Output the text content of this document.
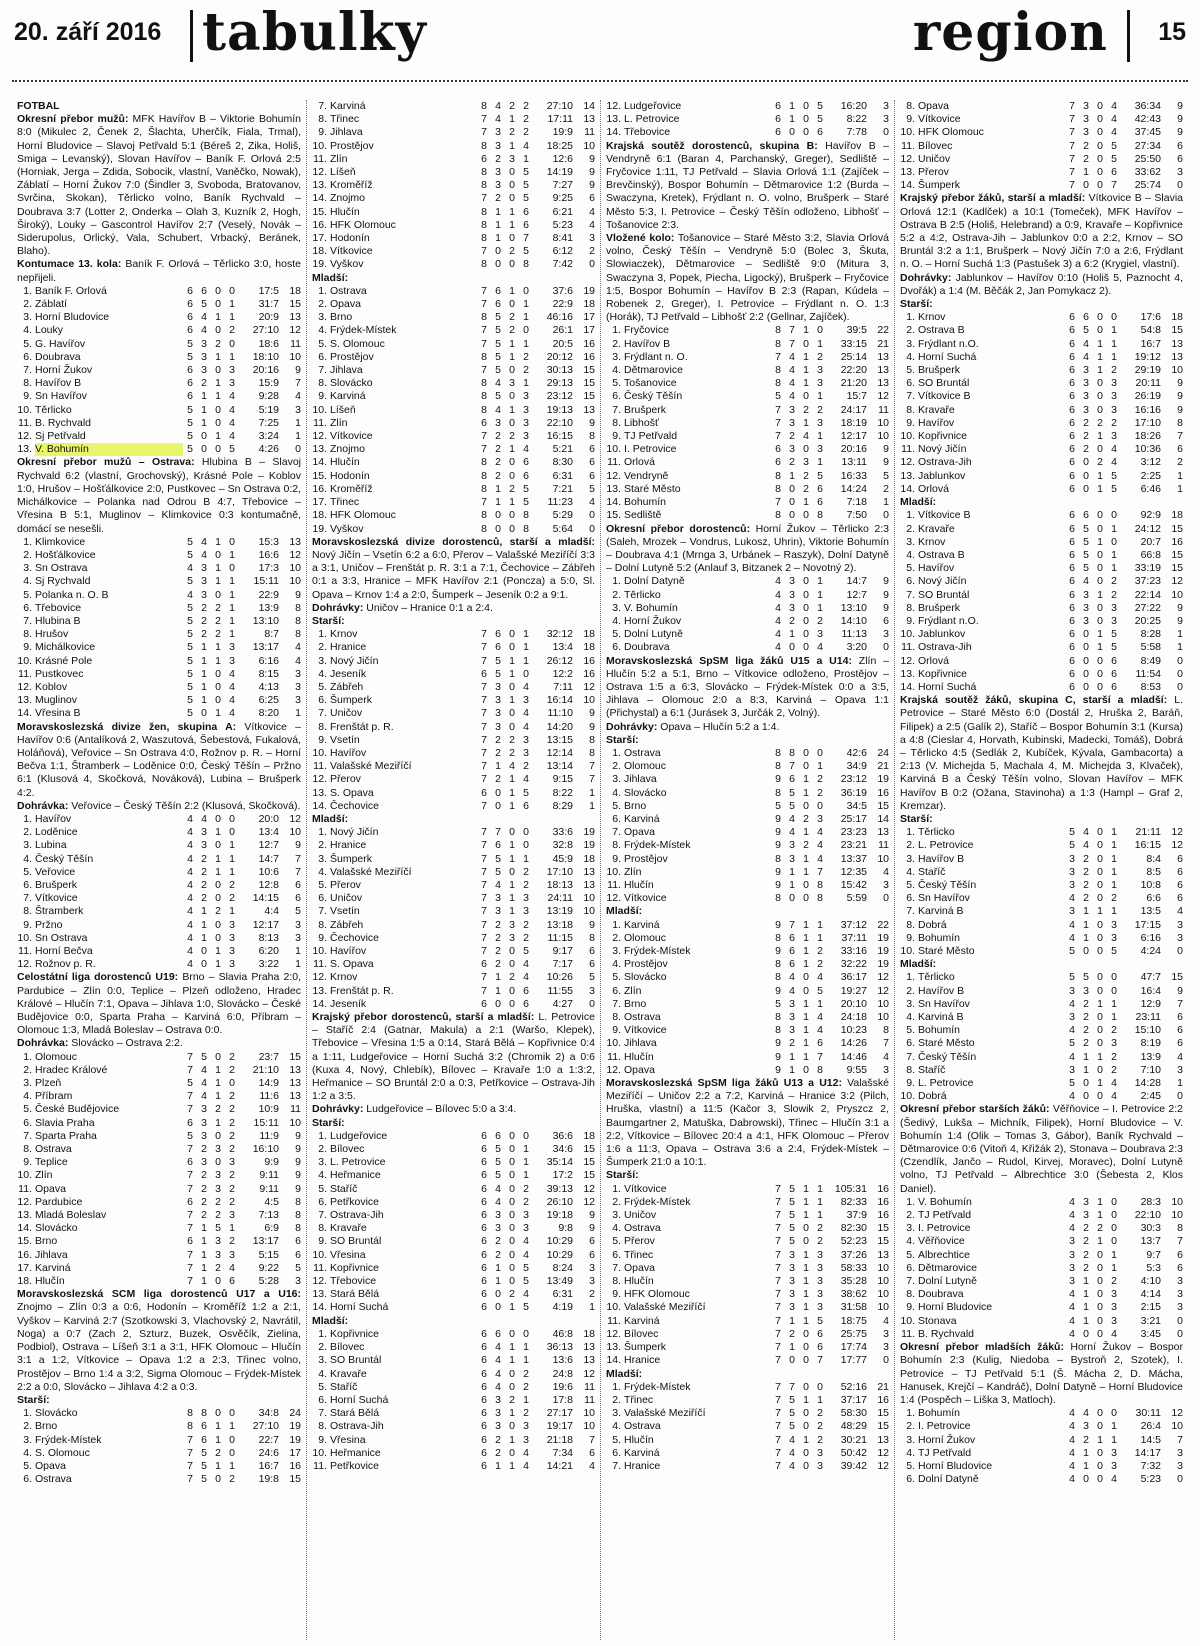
20. září 2016 tabulky	region 15
FOTBAL

Okresní přebor mužů: MFK Havířov B – Viktorie Bohumín 8:0 (Mikulec 2, Čenek 2, Šlachta, Uherčík, Fiala, Trmal), Horní Bludovice – Slavoj Petřvald 5:1 (Béreš 2, Zika, Holiš, Smiga – Levanský), Slovan Havířov – Baník F. Orlová 2:5 (Horniak, Jerga – Zdida, Sobocik, vlastní, Vaněčko, Nowak), Záblatí – Horní Žukov 7:0 (Šindler 3, Svoboda, Bratovanov, Svrčina, Skokan), Těrlicko volno, Baník Rychvald – Doubrava 3:7 (Lotter 2, Onderka – Olah 3, Kuzník 2, Hogh, Široký), Louky – Gascontrol Havířov 2:7 (Veselý, Novák – Siderupolus, Orlický, Vala, Schubert, Vrbacký, Beránek, Blaho).

Kontumace 13. kola: Baník F. Orlová – Těrlicko 3:0, hoste nepřijeli.

1. Baník F. Orlová	6 6 0 0	17:5 18
2. Záblatí	6 5 0 1	31:7 15
3. Horní Bludovice	6 4 1 1	20:9 13
4. Louky	6 4 0 2	27:10 12
5. G. Havířov	5 3 2 0	18:6	11
6. Doubrava	5 3 1 1	18:10 10
7. Horní Žukov	6 3 0 3	20:16	9
8. Havířov B	6 2 1 3	15:9	7
9. Sn Havířov	6 1 1 4	9:28	4
10. Těrlicko	5 1 0 4	5:19	3
11. B. Rychvald	5 1 0 4	7:25	1
12. Sj Petřvald	5 0 1 4	3:24	1
13. V. Bohumín	5 0 0 5	4:26	0

Okresní přebor mužů – Ostrava: Hlubina B – Slavoj Rychvald 6:2 (vlastní, Grochovský), Krásné Pole – Koblov 1:0, Hrušov – Hošťálkovice 2:0, Pustkovec – Sn Ostrava 0:2, Michálkovice – Polanka nad Odrou B 4:7, Třebovice – Vřesina B 5:1, Muglinov – Klimkovice 0:3 kontumačně, domácí se nesešli.

1. Klimkovice	5 4 1 0	15:3 13
2. Hošťálkovice	5 4 0 1	16:6 12
3. Sn Ostrava	4 3 1 0	17:3 10
4. Sj Rychvald	5 3 1 1	15:11 10
5. Polanka n. O. B	4 3 0 1	22:9	9
6. Třebovice	5 2 2 1	13:9	8
7. Hlubina B	5 2 2 1	13:10	8
8. Hrušov	5 2 2 1	8:7	8
9. Michálkovice	5 1 1 3	13:17	4
10. Krásné Pole	5 1 1 3	6:16	4
11. Pustkovec	5 1 0 4	8:15	3
12. Koblov	5 1 0 4	4:13	3
13. Muglinov	5 1 0 4	6:25	3
14. Vřesina B	5 0 1 4	8:20	1

Moravskoslezská divize žen, skupina A: Vítkovice – Havířov 0:6 (Antalíková 2, Waszutová, Šebestová, Fukalová, Holáňová), Veřovice – Sn Ostrava 4:0, Rožnov p. R. – Horní Bečva 1:1, Štramberk – Loděnice 0:0, Český Těšín – Pržno 6:1 (Klusová 4, Skočková, Nováková), Lubina – Brušperk 4:2.

Dohrávka: Veřovice – Český Těšín 2:2 (Klusová, Skočková).

1. Havířov	4 4 0 0	20:0 12
2. Loděnice	4 3 1 0	13:4 10
3. Lubina	4 3 0 1	12:7	9
4. Český Těšín	4 2 1 1	14:7	7
5. Veřovice	4 2 1 1	10:6	7
6. Brušperk	4 2 0 2	12:8	6
7. Vítkovice	4 2 0 2	14:15	6
8. Štramberk	4 1 2 1	4:4	5
9. Pržno	4 1 0 3	12:17	3
10. Sn Ostrava	4 1 0 3	8:13	3
11. Horní Bečva	4 0 1 3	6:20	1
12. Rožnov p. R.	4 0 1 3	3:22	1

Celostátní liga dorostenců U19: Brno – Slavia Praha 2:0, Pardubice – Zlín 0:0, Teplice – Plzeň odloženo, Hradec Králové – Hlučín 7:1, Opava – Jihlava 1:0, Slovácko – České Budějovice 0:0, Sparta Praha – Karviná 6:0, Příbram – Olomouc 1:3, Mladá Boleslav – Ostrava 0:0.

Dohrávka: Slovácko – Ostrava 2:2.

1. Olomouc	7 5 0 2	23:7 15
2. Hradec Králové	7 4 1 2	21:10 13
3. Plzeň	5 4 1 0	14:9 13
4. Příbram	7 4 1 2	11:6 13
5. České Budějovice	7 3 2 2	10:9	11
6. Slavia Praha	6 3 1 2	15:11 10
7. Sparta Praha	5 3 0 2	11:9	9
8. Ostrava	7 2 3 2	16:10	9
9. Teplice	6 3 0 3	9:9	9
10. Zlín	7 2 3 2	9:11	9
11. Opava	7 2 3 2	9:11	9
12. Pardubice	6 2 2 2	4:5	8
13. Mladá Boleslav	7 2 2 3	7:13	8
14. Slovácko	7 1 5 1	6:9	8
15. Brno	6 1 3 2	13:17	6
16. Jihlava	7 1 3 3	5:15	6
17. Karviná	7 1 2 4	9:22	5
18. Hlučín	7 1 0 6	5:28	3

Moravskoslezská SCM liga dorostenců U17 a U16: Znojmo – Zlín 0:3 a 0:6, Hodonín – Kroměříž 1:2 a 2:1, Vyškov – Karviná 2:7 (Szotkowski 3, Vlachovský 2, Navrátil, Noga) a 0:7 (Zach 2, Szturz, Buzek, Osvěčík, Zielina, Podbiol), Ostrava – Líšeň 3:1 a 3:1, HFK Olomouc – Hlučín 3:1 a 1:2, Vítkovice – Opava 1:2 a 2:3, Třinec volno, Prostějov – Brno 1:4 a 3:2, Sigma Olomouc – Frýdek-Místek 2:2 a 0:0, Slovácko – Jihlava 4:2 a 0:3.

Starší:
1. Slovácko	8 8 0 0	34:8 24
2. Brno	8 6 1 1	27:10 19
3. Frýdek-Místek	7 6 1 0	22:7 19
4. S. Olomouc	7 5 2 0	24:6 17
5. Opava	7 5 1 1	16:7 16
6. Ostrava	7 5 0 2	19:8 15
7. Karviná	8 4 2 2	27:10 14
8. Třinec	7 4 1 2	17:11 13
9. Jihlava	7 3 2 2	19:9	11
10. Prostějov	8 3 1 4	18:25 10
11. Zlín	6 2 3 1	12:6	9
12. Líšeň	8 3 0 5	14:19	9
13. Kroměříž	8 3 0 5	7:27	9
14. Znojmo	7 2 0 5	9:25	6
15. Hlučín	8 1 1 6	6:21	4
16. HFK Olomouc	8 1 1 6	5:23	4
17. Hodonín	8 1 0 7	8:41	3
18. Vítkovice	7 0 2 5	6:12	2
19. Vyškov	8 0 0 8	7:42	0
Mladší:
1. Ostrava	7 6 1 0	37:6 19
2. Opava	7 6 0 1	22:9 18
3. Brno	8 5 2 1	46:16 17
4. Frýdek-Místek	7 5 2 0	26:1 17
5. S. Olomouc	7 5 1 1	20:5 16
6. Prostějov	8 5 1 2	20:12 16
7. Jihlava	7 5 0 2	30:13 15
8. Slovácko	8 4 3 1	29:13 15
9. Karviná	8 5 0 3	23:12 15
10. Líšeň	8 4 1 3	19:13 13
11. Zlín	6 3 0 3	22:10	9
12. Vítkovice	7 2 2 3	16:15	8
13. Znojmo	7 2 1 4	5:21	6
14. Hlučín	8 2 0 6	8:30	6
15. Hodonín	8 2 0 6	6:31	6
16. Kroměříž	8 1 2 5	7:21	5
17. Třinec	7 1 1 5	11:23	4
18. HFK Olomouc	8 0 0 8	5:29	0
19. Vyškov	8 0 0 8	5:64	0

Moravskoslezská divize dorostenců, starší a mladší: Nový Jičín – Vsetín 6:2 a 6:0, Přerov – Valašské Meziříčí 3:3 a 3:1, Uničov – Frenštát p. R. 3:1 a 7:1, Čechovice – Zábřeh 0:1 a 3:3, Hranice – MFK Havířov 2:1 (Poncza) a 5:0, Sl. Opava – Krnov 1:4 a 2:0, Šumperk – Jeseník 0:2 a 9:1.

Dohrávky: Uničov – Hranice 0:1 a 2:4.

Starší:
1. Krnov	7 6 0 1	32:12 18
2. Hranice	7 6 0 1	13:4 18
3. Nový Jičín	7 5 1 1	26:12 16
4. Jeseník	6 5 1 0	12:2 16
5. Zábřeh	7 3 0 4	7:11 12
6. Šumperk	7 3 1 3	16:14 10
7. Uničov	7 3 0 4	11:10	9
8. Frenštát p. R.	7 3 0 4	14:20	9
9. Vsetín	7 2 2 3	13:15	8
10. Havířov	7 2 2 3	12:14	8
11. Valašské Meziříčí	7 1 4 2	13:14	7
12. Přerov	7 2 1 4	9:15	7
13. S. Opava	6 0 1 5	8:22	1
14. Čechovice	7 0 1 6	8:29	1
Mladší:
1. Nový Jičín	7 7 0 0	33:6 19
2. Hranice	7 6 1 0	32:8 19
3. Šumperk	7 5 1 1	45:9 18
4. Valašské Meziříčí	7 5 0 2	17:10 13
5. Přerov	7 4 1 2	18:13 13
6. Uničov	7 3 1 3	24:11 10
7. Vsetín	7 3 1 3	13:19 10
8. Zábřeh	7 2 3 2	13:18	9
9. Čechovice	7 2 3 2	11:15	8
10. Havířov	7 2 0 5	9:17	6
11. S. Opava	6 2 0 4	7:17	6
12. Krnov	7 1 2 4	10:26	5
13. Frenštát p. R.	7 1 0 6	11:55	3
14. Jeseník	6 0 0 6	4:27	0

Krajský přebor dorostenců, starší a mladší: L. Petrovice – Staříč 2:4 (Gatnar, Makula) a 2:1 (Waršo, Klepek), Třebovice – Vřesina 1:5 a 0:14, Stará Bělá – Kopřivnice 0:4 a 1:11, Ludgeřovice – Horní Suchá 3:2 (Chromik 2) a 0:6 (Kuxa 4, Nový, Chlebík), Bílovec – Kravaře 1:0 a 1:3:2, Heřmanice – SO Bruntál 2:0 a 0:3, Petřkovice – Ostrava-Jih 1:2 a 3:5.

Dohrávky: Ludgeřovice – Bílovec 5:0 a 3:4.

Starší:
1. Ludgeřovice	6 6 0 0	36:6 18
2. Bílovec	6 5 0 1	34:6 15
3. L. Petrovice	6 5 0 1	35:14 15
4. Heřmanice	6 5 0 1	17:2 15
5. Staříč	6 4 0 2	39:13 12
6. Petřkovice	6 4 0 2	26:10 12
7. Ostrava-Jih	6 3 0 3	19:18	9
8. Kravaře	6 3 0 3	9:8	9
9. SO Bruntál	6 2 0 4	10:29	6
10. Vřesina	6 2 0 4	10:29	6
11. Kopřivnice	6 1 0 5	8:24	3
12. Třebovice	6 1 0 5	13:49	3
13. Stará Bělá	6 0 2 4	6:31	2
14. Horní Suchá	6 0 1 5	4:19	1
Mladší:
1. Kopřivnice	6 6 0 0	46:8 18
2. Bílovec	6 4 1 1	36:13 13
3. SO Bruntál	6 4 1 1	13:6 13
4. Kravaře	6 4 0 2	24:8 12
5. Staříč	6 4 0 2	19:6	11
6. Horní Suchá	6 3 2 1	17:8	11
7. Stará Bělá	6 3 1 2	27:17 10
8. Ostrava-Jih	6 3 0 3	19:17 10
9. Vřesina	6 2 1 3	21:18	7
10. Heřmanice	6 2 0 4	7:34	6
11. Petřkovice	6 1 1 4	14:21	4
12. Ludgeřovice	6 1 0 5	16:20	3
13. L. Petrovice	6 1 0 5	8:22	3
14. Třebovice	6 0 0 6	7:78	0

Krajská soutěž dorostenců, skupina B: Havířov B – Vendryně 6:1 (Baran 4, Parchanský, Greger), Sedliště – Fryčovice 1:11, TJ Petřvald – Slavia Orlová 1:1 (Zajíček – Brevčinský), Bospor Bohumín – Dětmarovice 1:2 (Burda – Swaczyna, Kretek), Frýdlant n. O. volno, Brušperk – Staré Město 5:3, I. Petrovice – Český Těšín odloženo, Libhošť – Tošanovice 2:3.

Vložené kolo: Tošanovice – Staré Město 3:2, Slavia Orlová volno, Český Těšín – Vendryně 5:0 (Bolec 3, Škuta, Slowiaczek), Dětmarovice – Sedliště 9:0 (Mitura 3, Swaczyna 3, Popek, Piecha, Ligocký), Brušperk – Fryčovice 1:5, Bospor Bohumín – Havířov B 2:3 (Rapan, Kúdela – Robenek 2, Greger), I. Petrovice – Frýdlant n. O. 1:3 (Horák), TJ Petřvald – Libhošť 2:2 (Gellnar, Zajíček).

1. Fryčovice	8 7 1 0	39:5 22
2. Havířov B	8 7 0 1	33:15 21
3. Frýdlant n. O.	7 4 1 2	25:14 13
4. Dětmarovice	8 4 1 3	22:20 13
5. Tošanovice	8 4 1 3	21:20 13
6. Český Těšín	5 4 0 1	15:7 12
7. Brušperk	7 3 2 2	24:17	11
8. Libhošť	7 3 1 3	18:19 10
9. TJ Petřvald	7 2 4 1	12:17 10
10. I. Petrovice	6 3 0 3	20:16	9
11. Orlová	6 2 3 1	13:11	9
12. Vendryně	8 1 2 5	16:33	5
13. Staré Město	8 0 2 6	14:24	2
14. Bohumín	7 0 1 6	7:18	1
15. Sedliště	8 0 0 8	7:50	0

Okresní přebor dorostenců: Horní Žukov – Těrlicko 2:3 (Saleh, Mrozek – Vondrus, Lukosz, Uhrin), Viktorie Bohumín – Doubrava 4:1 (Mrnga 3, Urbánek – Raszyk), Dolní Datyně – Dolní Lutyně 5:2 (Anlauf 3, Bitzanek 2 – Novotný 2).

1. Dolní Datyně	4 3 0 1	14:7	9
2. Těrlicko	4 3 0 1	12:7	9
3. V. Bohumín	4 3 0 1	13:10	9
4. Horní Žukov	4 2 0 2	14:10	6
5. Dolní Lutyně	4 1 0 3	11:13	3
6. Doubrava	4 0 0 4	3:20	0

Moravskoslezská SpSM liga žáků U15 a U14: Zlín – Hlučín 5:2 a 5:1, Brno – Vítkovice odloženo, Prostějov – Ostrava 1:5 a 6:3, Slovácko – Frýdek-Místek 0:0 a 3:5, Jihlava – Olomouc 2:0 a 8:3, Karviná – Opava 1:1 (Přichystal) a 6:1 (Jurásek 3, Jurčák 2, Volný).

Dohrávky: Opava – Hlučín 5:2 a 1:4.

Starší:
1. Ostrava	8 8 0 0	42:6 24
2. Olomouc	8 7 0 1	34:9 21
3. Jihlava	9 6 1 2	23:12 19
4. Slovácko	8 5 1 2	36:19 16
5. Brno	5 5 0 0	34:5 15
6. Karviná	9 4 2 3	25:17 14
7. Opava	9 4 1 4	23:23 13
8. Frýdek-Místek	9 3 2 4	23:21	11
9. Prostějov	8 3 1 4	13:37 10
10. Zlín	9 1 1 7	12:35	4
11. Hlučín	9 1 0 8	15:42	3
12. Vítkovice	8 0 0 8	5:59	0
Mladší:
1. Karviná	9 7 1 1	37:12 22
2. Olomouc	8 6 1 1	37:11 19
3. Frýdek-Místek	9 6 1 2	33:16 19
4. Prostějov	8 6 1 2	32:22 19
5. Slovácko	8 4 0 4	36:17 12
6. Zlín	9 4 0 5	19:27 12
7. Brno	5 3 1 1	20:10 10
8. Ostrava	8 3 1 4	24:18 10
9. Vítkovice	8 3 1 4	10:23	8
10. Jihlava	9 2 1 6	14:26	7
11. Hlučín	9 1 1 7	14:46	4
12. Opava	9 1 0 8	9:55	3

Moravskoslezská SpSM liga žáků U13 a U12: Valašské Meziříčí – Uničov 2:2 a 7:2, Karviná – Hranice 3:2 (Pilch, Hruška, vlastní) a 11:5 (Kačor 3, Slowik 2, Pryszcz 2, Baumgartner 2, Matuška, Dabrowski), Třinec – Hlučín 3:1 a 2:2, Vítkovice – Bílovec 20:4 a 4:1, HFK Olomouc – Přerov 1:6 a 11:3, Opava – Ostrava 3:6 a 2:4, Frýdek-Místek – Šumperk 21:0 a 10:1.

Starší:
1. Vítkovice	7 5 1 1	105:31 16
2. Frýdek-Místek	7 5 1 1	82:33 16
3. Uničov	7 5 1 1	37:9 16
4. Ostrava	7 5 0 2	82:30 15
5. Přerov	7 5 0 2	52:23 15
6. Třinec	7 3 1 3	37:26 13
7. Opava	7 3 1 3	58:33 10
8. Hlučín	7 3 1 3	35:28 10
9. HFK Olomouc	7 3 1 3	38:62 10
10. Valašské Meziříčí	7 3 1 3	31:58 10
11. Karviná	7 1 1 5	18:75	4
12. Bílovec	7 2 0 6	25:75	3
13. Šumperk	7 1 0 6	17:74	3
14. Hranice	7 0 0 7	17:77	0
Mladší:
1. Frýdek-Místek	7 7 0 0	52:16 21
2. Třinec	7 5 1 1	37:17 16
3. Valašské Meziříčí	7 5 0 2	58:30 15
4. Ostrava	7 5 0 2	48:29 15
5. Hlučín	7 4 1 2	30:21 13
6. Karviná	7 4 0 3	50:42 12
7. Hranice	7 4 0 3	39:42 12
8. Opava	7 3 0 4	36:34	9
9. Vítkovice	7 3 0 4	42:43	9
10. HFK Olomouc	7 3 0 4	37:45	9
11. Bílovec	7 2 0 5	27:34	6
12. Uničov	7 2 0 5	25:50	6
13. Přerov	7 1 0 6	33:62	3
14. Šumperk	7 0 0 7	25:74	0

Krajský přebor žáků, starší a mladší: Vítkovice B – Slavia Orlová 12:1 (Kadlček) a 10:1 (Tomeček), MFK Havířov – Ostrava B 2:5 (Holiš, Helebrand) a 0:9, Kravaře – Kopřivnice 5:2 a 4:2, Ostrava-Jih – Jablunkov 0:0 a 2:2, Krnov – SO Bruntál 3:2 a 1:1, Brušperk – Nový Jičín 7:0 a 2:6, Frýdlant n. O. – Horní Suchá 1:3 (Pastušek 3) a 6:2 (Krygiel, vlastní).

Dohrávky: Jablunkov – Havířov 0:10 (Holiš 5, Paznocht 4, Dvořák) a 1:4 (M. Běčák 2, Jan Pomykacz 2).

Starší:
1. Krnov	6 6 0 0	17:6 18
2. Ostrava B	6 5 0 1	54:8 15
3. Frýdlant n.O.	6 4 1 1	16:7 13
4. Horní Suchá	6 4 1 1	19:12 13
5. Brušperk	6 3 1 2	29:19 10
6. SO Bruntál	6 3 0 3	20:11	9
7. Vítkovice B	6 3 0 3	26:19	9
8. Kravaře	6 3 0 3	16:16	9
9. Havířov	6 2 2 2	17:10	8
10. Kopřivnice	6 2 1 3	18:26	7
11. Nový Jičín	6 2 0 4	10:36	6
12. Ostrava-Jih	6 0 2 4	3:12	2
13. Jablunkov	6 0 1 5	2:25	1
14. Orlová	6 0 1 5	6:46	1
Mladší:
1. Vítkovice B	6 6 0 0	92:9 18
2. Kravaře	6 5 0 1	24:12 15
3. Krnov	6 5 1 0	20:7 16
4. Ostrava B	6 5 0 1	66:8 15
5. Havířov	6 5 0 1	33:19 15
6. Nový Jičín	6 4 0 2	37:23 12
7. SO Bruntál	6 3 1 2	22:14 10
8. Brušperk	6 3 0 3	27:22	9
9. Frýdlant n.O.	6 3 0 3	20:25	9
10. Jablunkov	6 0 1 5	8:28	1
11. Ostrava-Jih	6 0 1 5	5:58	1
12. Orlová	6 0 0 6	8:49	0
13. Kopřivnice	6 0 0 6	11:54	0
14. Horní Suchá	6 0 0 6	8:53	0

Krajská soutěž žáků, skupina C, starší a mladší: L. Petrovice – Staré Město 6:0 (Dostál 2, Hruška 2, Baráň, Filipek) a 2:5 (Galík 2), Staříč – Bospor Bohumín 3:1 (Kursa) a 4:8 (Cieslar 4, Horvath, Kubinski, Madecki, Tomáš), Dobrá – Těrlicko 4:5 (Sedlák 2, Kubíček, Kývala, Gambacorta) a 2:13 (V. Michejda 5, Machala 4, M. Michejda 3, Klvaček), Karviná B a Český Těšín volno, Slovan Havířov – MFK Havířov B 0:2 (Ožana, Stavinoha) a 1:3 (Hampl – Graf 2, Kremzar).

Starší:
1. Těrlicko	5 4 0 1	21:11 12
2. L. Petrovice	5 4 0 1	16:15 12
3. Havířov B	3 2 0 1	8:4	6
4. Staříč	3 2 0 1	8:5	6
5. Český Těšín	3 2 0 1	10:8	6
6. Sn Havířov	4 2 0 2	6:6	6
7. Karviná B	3 1 1 1	13:5	4
8. Dobrá	4 1 0 3	17:15	3
9. Bohumín	4 1 0 3	6:16	3
10. Staré Město	5 0 0 5	4:24	0
Mladší:
1. Těrlicko	5 5 0 0	47:7 15
2. Havířov B	3 3 0 0	16:4	9
3. Sn Havířov	4 2 1 1	12:9	7
4. Karviná B	3 2 0 1	23:11	6
5. Bohumín	4 2 0 2	15:10	6
6. Staré Město	5 2 0 3	8:19	6
7. Český Těšín	4 1 1 2	13:9	4
8. Staříč	3 1 0 2	7:10	3
9. L. Petrovice	5 0 1 4	14:28	1
10. Dobrá	4 0 0 4	2:45	0

Okresní přebor starších žáků: Věřňovice – I. Petrovice 2:2 (Šedivý, Lukša – Michník, Filipek), Horní Bludovice – V. Bohumín 1:4 (Olik – Tomas 3, Gábor), Baník Rychvald – Dětmarovice 0:6 (Vitoň 4, Křižák 2), Stonava – Doubrava 2:3 (Czendlík, Jančo – Rudol, Kirvej, Moravec), Dolní Lutyně volno, TJ Petřvald – Albrechtice 3:0 (Šebesta 2, Klos Daniel).

1. V. Bohumín	4 3 1 0	28:3 10
2. TJ Petřvald	4 3 1 0	22:10 10
3. I. Petrovice	4 2 2 0	30:3	8
4. Věřňovice	3 2 1 0	13:7	7
5. Albrechtice	3 2 0 1	9:7	6
6. Dětmarovice	3 2 0 1	5:3	6
7. Dolní Lutyně	3 1 0 2	4:10	3
8. Doubrava	4 1 0 3	4:14	3
9. Horní Bludovice	4 1 0 3	2:15	3
10. Stonava	4 1 0 3	3:21	0
11. B. Rychvald	4 0 0 4	3:45	0

Okresní přebor mladších žáků: Horní Žukov – Bospor Bohumín 2:3 (Kulig, Niedoba – Bystroň 2, Szotek), I. Petrovice – TJ Petřvald 5:1 (Š. Mácha 2, D. Mácha, Hanusek, Krejčí – Kandráč), Dolní Datyně – Horní Bludovice 1:4 (Pospěch – Liška 3, Matloch).

1. Bohumín	4 4 0 0	30:11 12
2. I. Petrovice	4 3 0 1	26:4 10
3. Horní Žukov	4 2 1 1	14:5	7
4. TJ Petřvald	4 1 0 3	14:17	3
5. Horní Bludovice	4 1 0 3	7:32	3
6. Dolní Datyně	4 0 0 4	5:23	0
